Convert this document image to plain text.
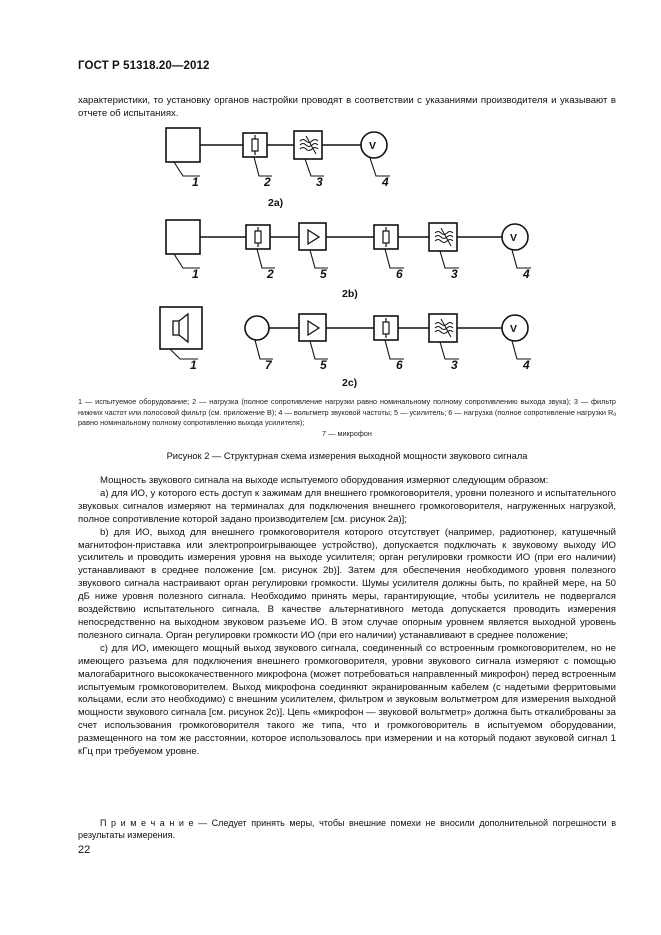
ГОСТ Р 51318.20—2012
характеристики, то установку органов настройки проводят в соответствии с указаниями производителя и указывают в отчете об испытаниях.
V
V
V
1	2	3	4
2a)
1	2	5	6	3	4
2b)
1	7	5	6	3	4
2c)
1 — испытуемое оборудование; 2 — нагрузка (полное сопротивление нагрузки равно номинальному полному сопротивлению выхода звука); 3 — фильтр нижних частот или полосовой фильтр (см. приложение В); 4 — вольтметр звуковой частоты; 5 — усилитель; 6 — нагрузка (полное сопротивление нагрузки Rₐ равно номинальному полному сопротивлению выхода усилителя);
7 — микрофон
Рисунок 2 — Структурная схема измерения выходной мощности звукового сигнала

Мощность звукового сигнала на выходе испытуемого оборудования измеряют следующим образом:

а) для ИО, у которого есть доступ к зажимам для внешнего громкоговорителя, уровни полезного и испытательного звуковых сигналов измеряют на терминалах для подключения внешнего громкоговорителя, нагруженных нагрузкой, полное сопротивление которой задано производителем [см. рисунок 2а)];

b) для ИО, выход для внешнего громкоговорителя которого отсутствует (например, радиотюнер, катушечный магнитофон-приставка или электропроигрывающее устройство), допускается подключать к звуковому выходу ИО усилитель и проводить измерения уровня на выходе усилителя; орган регулировки громкости ИО (при его наличии) устанавливают в среднее положение [см. рисунок 2b)]. Затем для обеспечения необходимого уровня полезного звукового сигнала настраивают орган регулировки громкости. Шумы усилителя должны быть, по крайней мере, на 50 дБ ниже уровня полезного сигнала. Необходимо принять меры, гарантирующие, чтобы усилитель не подвергался воздействию испытательного сигнала. В качестве альтернативного метода допускается проводить измерения непосредственно на выходном звуковом разъеме ИО. В этом случае опорным уровнем является выходной уровень полезного сигнала. Орган регулировки громкости ИО (при его наличии) устанавливают в среднее положение;

с) для ИО, имеющего мощный выход звукового сигнала, соединенный со встроенным громкоговорителем, но не имеющего разъема для подключения внешнего громкоговорителя, уровни звукового сигнала измеряют с помощью малогабаритного высококачественного микрофона (может потребоваться направленный микрофон) перед встроенным испытуемым громкоговорителем. Выход микрофона соединяют экранированным кабелем (с надетыми ферритовыми кольцами, если это необходимо) с внешним усилителем, фильтром и звуковым вольтметром для измерения выходной мощности звукового сигнала [см. рисунок 2с)]. Цепь «микрофон — звуковой вольтметр» должна быть откалиброваны за счет использования громкоговорителя такого же типа, что и громкоговоритель в испытуемом оборудовании, размещенного на том же расстоянии, которое использовалось при измерении и на который подают звуковой сигнал 1 кГц при требуемом уровне.

П р и м е ч а н и е — Следует принять меры, чтобы внешние помехи не вносили дополнительной погрешности в результаты измерения.
22
